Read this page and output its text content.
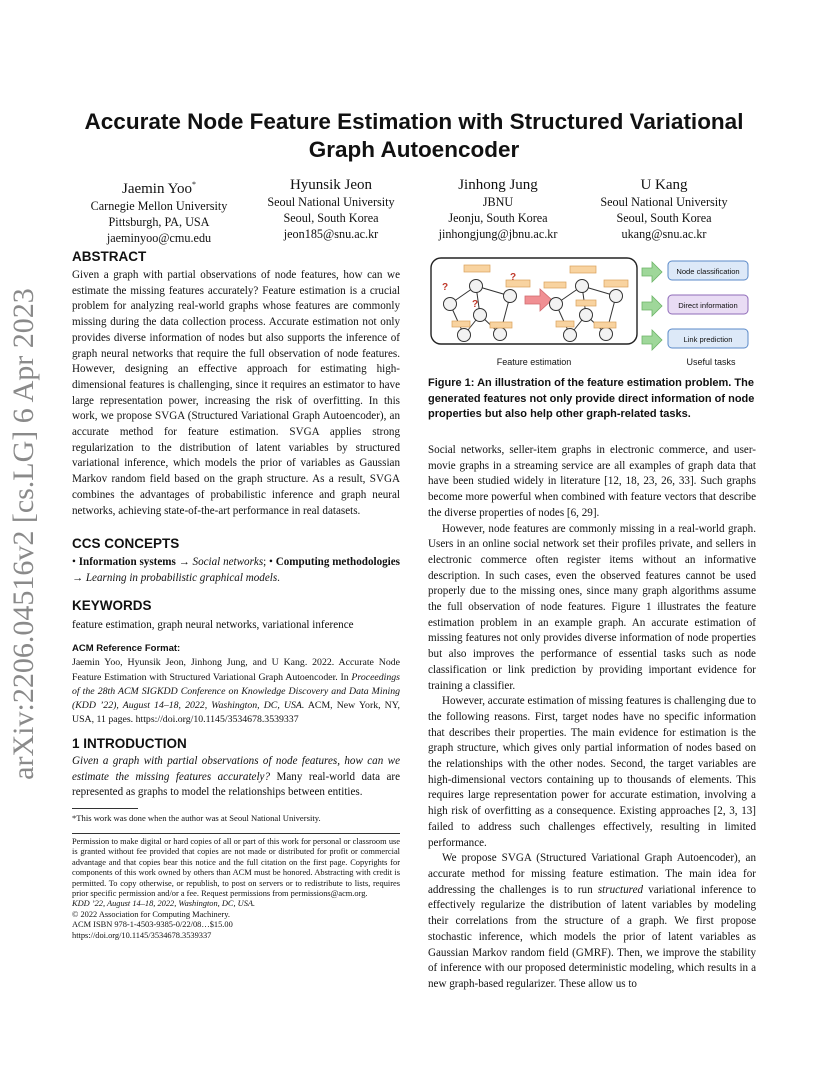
arXiv:2206.04516v2 [cs.LG] 6 Apr 2023
Accurate Node Feature Estimation with Structured Variational
Graph Autoencoder
Jaemin Yoo*
Carnegie Mellon University
Pittsburgh, PA, USA
jaeminyoo@cmu.edu
Hyunsik Jeon
Seoul National University
Seoul, South Korea
jeon185@snu.ac.kr
Jinhong Jung
JBNU
Jeonju, South Korea
jinhongjung@jbnu.ac.kr
U Kang
Seoul National University
Seoul, South Korea
ukang@snu.ac.kr
ABSTRACT
Given a graph with partial observations of node features, how can we estimate the missing features accurately? Feature estimation is a crucial problem for analyzing real-world graphs whose features are commonly missing during the data collection process. Accurate estimation not only provides diverse information of nodes but also supports the inference of graph neural networks that require the full observation of node features. However, designing an effective approach for estimating high-dimensional features is challenging, since it requires an estimator to have large representation power, increasing the risk of overfitting. In this work, we propose SVGA (Structured Variational Graph Autoencoder), an accurate method for feature estimation. SVGA applies strong regularization to the distribution of latent variables by structured variational inference, which models the prior of variables as Gaussian Markov random field based on the graph structure. As a result, SVGA combines the advantages of probabilistic inference and graph neural networks, achieving state-of-the-art performance in real datasets.
CCS CONCEPTS
• Information systems → Social networks; • Computing methodologies → Learning in probabilistic graphical models.
KEYWORDS
feature estimation, graph neural networks, variational inference
ACM Reference Format:
Jaemin Yoo, Hyunsik Jeon, Jinhong Jung, and U Kang. 2022. Accurate Node Feature Estimation with Structured Variational Graph Autoencoder. In Proceedings of the 28th ACM SIGKDD Conference on Knowledge Discovery and Data Mining (KDD ’22), August 14–18, 2022, Washington, DC, USA. ACM, New York, NY, USA, 11 pages. https://doi.org/10.1145/3534678.3539337
1 INTRODUCTION
Given a graph with partial observations of node features, how can we estimate the missing features accurately? Many real-world data are represented as graphs to model the relationships between entities.
*This work was done when the author was at Seoul National University.
Permission to make digital or hard copies of all or part of this work for personal or classroom use is granted without fee provided that copies are not made or distributed for profit or commercial advantage and that copies bear this notice and the full citation on the first page. Copyrights for components of this work owned by others than ACM must be honored. Abstracting with credit is permitted. To copy otherwise, or republish, to post on servers or to redistribute to lists, requires prior specific permission and/or a fee. Request permissions from permissions@acm.org.
KDD ’22, August 14–18, 2022, Washington, DC, USA.
© 2022 Association for Computing Machinery.
ACM ISBN 978-1-4503-9385-0/22/08…$15.00
https://doi.org/10.1145/3534678.3539337
?
?
?
Node classification
Direct information
Link prediction
Feature estimation	Useful tasks
Figure 1: An illustration of the feature estimation problem. The generated features not only provide direct information of node properties but also help other graph-related tasks.
Social networks, seller-item graphs in electronic commerce, and user-movie graphs in a streaming service are all examples of graph data that have been studied widely in literature [12, 18, 23, 26, 33]. Such graphs become more powerful when combined with feature vectors that describe the diverse properties of nodes [6, 29].
However, node features are commonly missing in a real-world graph. Users in an online social network set their profiles private, and sellers in electronic commerce often register items without an informative description. In such cases, even the observed features cannot be used properly due to the missing ones, since many graph algorithms assume the full observation of node features. Figure 1 illustrates the feature estimation problem in an example graph. An accurate estimation of missing features not only provides diverse information of node properties but also improves the performance of essential tasks such as node classification or link prediction by providing important evidence for training a classifier.
However, accurate estimation of missing features is challenging due to the following reasons. First, target nodes have no specific information that describes their properties. The main evidence for estimation is the graph structure, which gives only partial information of nodes based on the relationships with the other nodes. Second, the target variables are high-dimensional vectors containing up to thousands of elements. This requires large representation power for accurate estimation, involving a high risk of overfitting as a consequence. Existing approaches [2, 3, 13] failed to address such challenges effectively, resulting in limited performance.
We propose SVGA (Structured Variational Graph Autoencoder), an accurate method for missing feature estimation. The main idea for addressing the challenges is to run structured variational inference to effectively regularize the distribution of latent variables by modeling their correlations from the structure of a graph. We first propose stochastic inference, which models the prior of latent variables as Gaussian Markov random field (GMRF). Then, we improve the stability of inference with our proposed deterministic modeling, which results in a new graph-based regularizer. These allow us to
